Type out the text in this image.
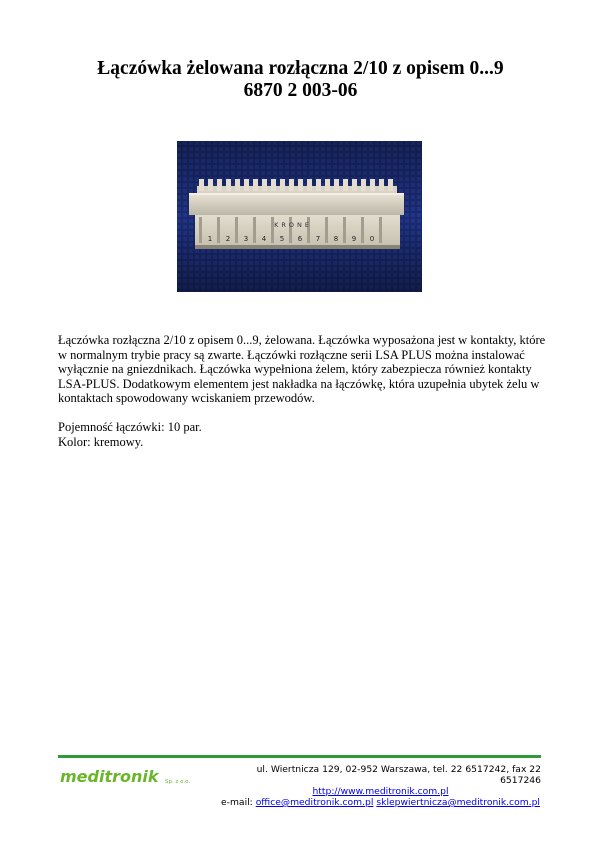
Łączówka żelowana rozłączna 2/10 z opisem 0...9
6870 2 003-06
KRONE
1 2 3 4 5 6 7 8 9 0

Łączówka rozłączna 2/10 z opisem 0...9, żelowana. Łączówka wyposażona jest w kontakty, które w normalnym trybie pracy są zwarte. Łączówki rozłączne serii LSA PLUS można instalować wyłącznie na gniezdnikach. Łączówka wypełniona żelem, który zabezpiecza również kontakty LSA-PLUS. Dodatkowym elementem jest nakładka na łączówkę, która uzupełnia ubytek żelu w kontaktach spowodowany wciskaniem przewodów.

Pojemność łączówki: 10 par.

Kolor: kremowy.

meditronik Sp. z o.o.
ul. Wiertnicza 129, 02-952 Warszawa, tel. 22 6517242, fax 22 6517246
http://www.meditronik.com.pl
e-mail: office@meditronik.com.pl sklepwiertnicza@meditronik.com.pl
